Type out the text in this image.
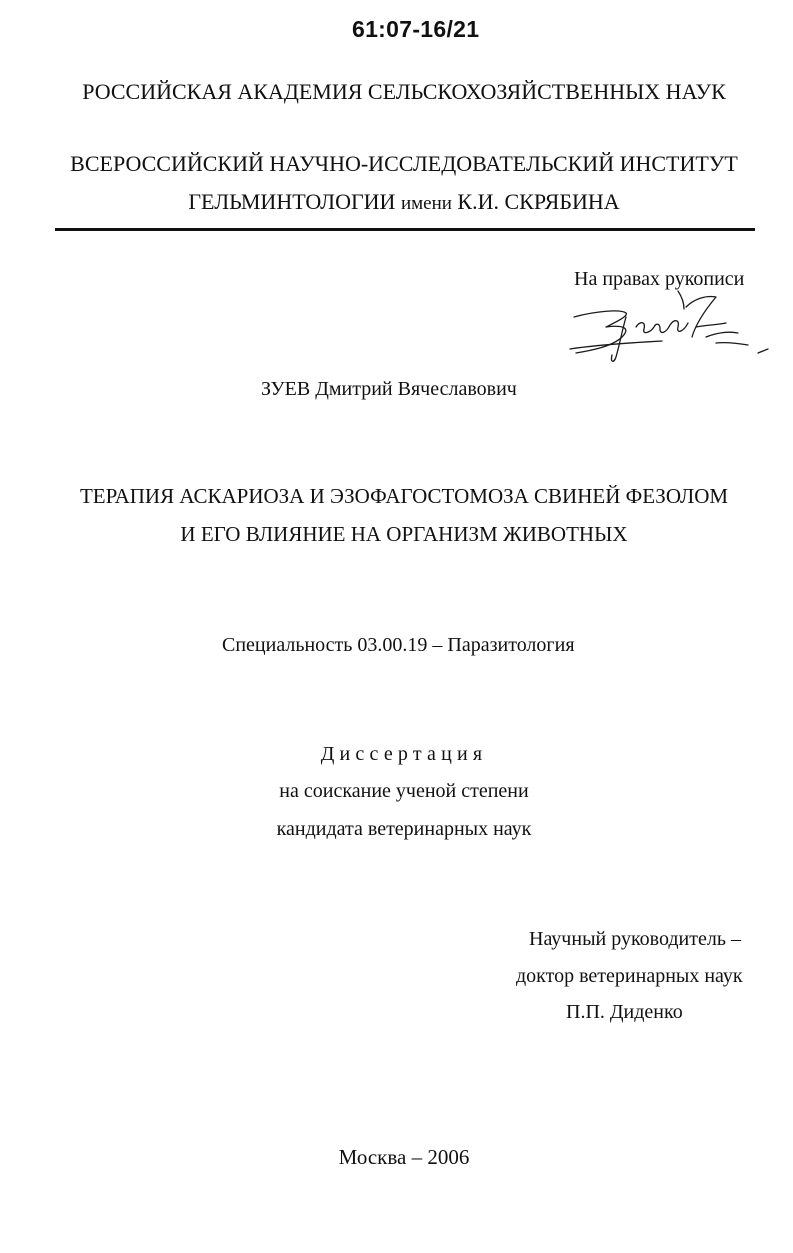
61:07-16/21
РОССИЙСКАЯ АКАДЕМИЯ СЕЛЬСКОХОЗЯЙСТВЕННЫХ НАУК
ВСЕРОССИЙСКИЙ НАУЧНО-ИССЛЕДОВАТЕЛЬСКИЙ ИНСТИТУТ
ГЕЛЬМИНТОЛОГИИ имени К.И. СКРЯБИНА
На правах рукописи
ЗУЕВ Дмитрий Вячеславович
ТЕРАПИЯ АСКАРИОЗА И ЭЗОФАГОСТОМОЗА СВИНЕЙ ФЕЗОЛОМ
И ЕГО ВЛИЯНИЕ НА ОРГАНИЗМ ЖИВОТНЫХ
Специальность 03.00.19 – Паразитология
Диссертация
на соискание ученой степени
кандидата ветеринарных наук
Научный руководитель –
доктор ветеринарных наук
П.П. Диденко
Москва – 2006
